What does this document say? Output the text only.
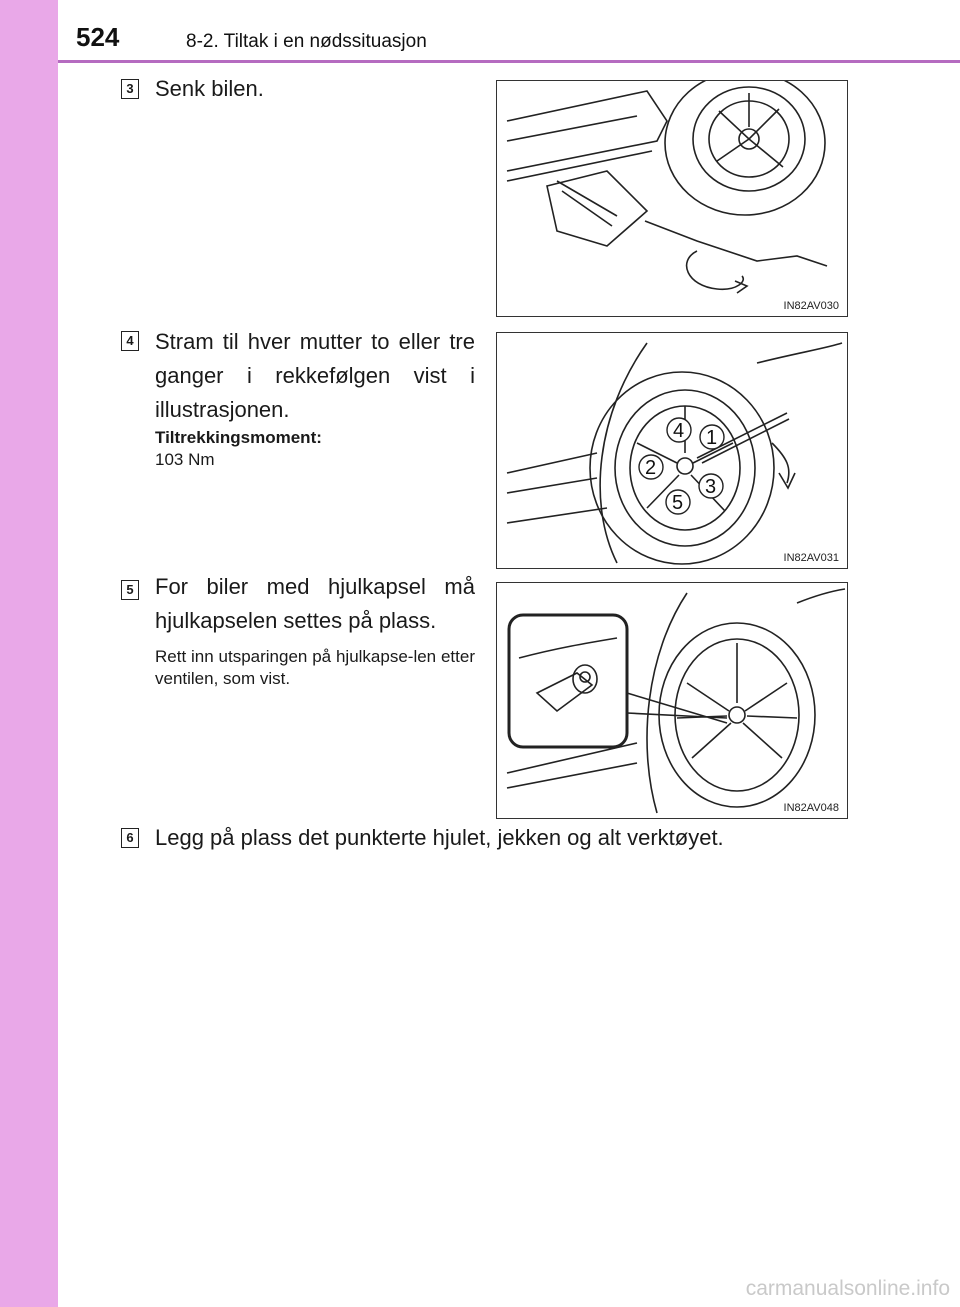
524	8-2. Tiltak i en nødssituasjon
3 Senk bilen.
IN82AV030
4 Stram til hver mutter to eller tre ganger i rekkefølgen vist i illustrasjonen.
Tiltrekkingsmoment:
103 Nm
1
2
3
4
5
IN82AV031
5 For biler med hjulkapsel må hjulkapselen settes på plass.
Rett inn utsparingen på hjulkapse-len etter ventilen, som vist.
IN82AV048
6 Legg på plass det punkterte hjulet, jekken og alt verktøyet.
carmanualsonline.info
